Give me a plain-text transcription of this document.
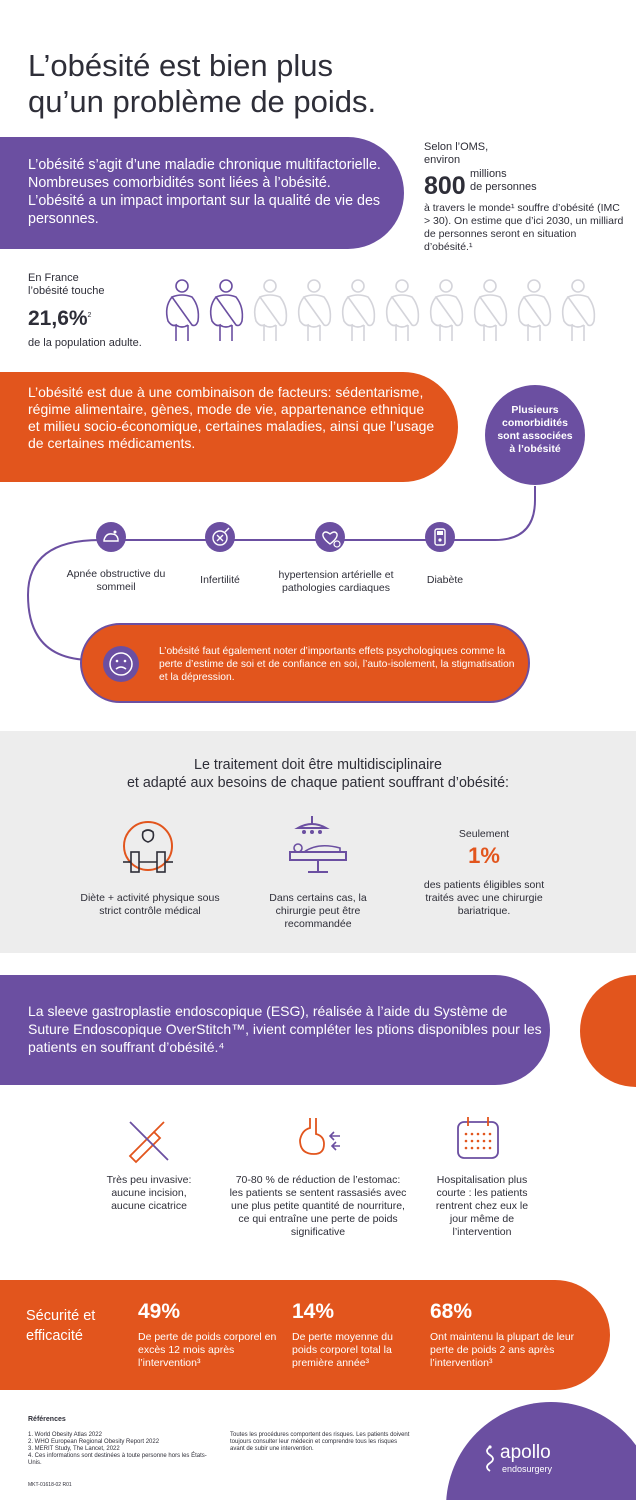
L’obésité est bien plus
qu’un problème de poids.

L’obésité s’agit d’une maladie chronique multifactorielle. Nombreuses comorbidités sont liées à l’obésité. L’obésité a un impact important sur la qualité de vie des personnes.

Selon l’OMS,
environ
800 millions
de personnes
à travers le monde¹ souffre d’obésité (IMC > 30). On estime que d’ici 2030, un milliard de personnes seront en situation d’obésité.¹
En France
l’obésité touche
21,6%$^2$
de la population adulte.

L’obésité est due à une combinaison de facteurs: sédentarisme, régime alimentaire, gènes, mode de vie, appartenance ethnique et milieu socio-économique, certaines maladies, ainsi que l’usage de certaines médicaments.

Plusieurs comorbidités sont associées à l’obésité

Apnée obstructive du sommeil
Infertilité	hypertension artérielle et pathologies cardiaques
Diabète

L’obésité faut également noter d’importants effets psychologiques comme la perte d’estime de soi et de confiance en soi, l’auto-isolement, la stigmatisation et la dépression.

Le traitement doit être multidisciplinaire
et adapté aux besoins de chaque patient souffrant d’obésité:
Diète + activité physique sous strict contrôle médical
Dans certains cas, la chirurgie peut être recommandée
Seulement
1%
des patients éligibles sont traités avec une chirurgie bariatrique.

La sleeve gastroplastie endoscopique (ESG), réalisée à l’aide du Système de Suture Endoscopique OverStitch™, ivient compléter les ptions disponibles pour les patients en souffrant d’obésité.⁴

Très peu invasive: aucune incision, aucune cicatrice
70-80 % de réduction de l’estomac: les patients se sentent rassasiés avec une plus petite quantité de nourriture, ce qui entraîne une perte de poids significative
Hospitalisation plus courte : les patients rentrent chez eux le jour même de l’intervention
Sécurité et efficacité
49%
De perte de poids corporel en excès 12 mois après l’intervention³
14%
De perte moyenne du poids corporel total la première année³
68%
Ont maintenu la plupart de leur perte de poids 2 ans après l’intervention³
Références
1. World Obesity Atlas 2022
2. WHO European Regional Obesity Report 2022
3. MERIT Study, The Lancet, 2022
4. Ces informations sont destinées à toute personne hors les États-Unis.
Toutes les procédures comportent des risques. Les patients doivent toujours consulter leur médecin et comprendre tous les risques avant de subir une intervention.
MKT-01618-02 R01
apollo
endosurgery
